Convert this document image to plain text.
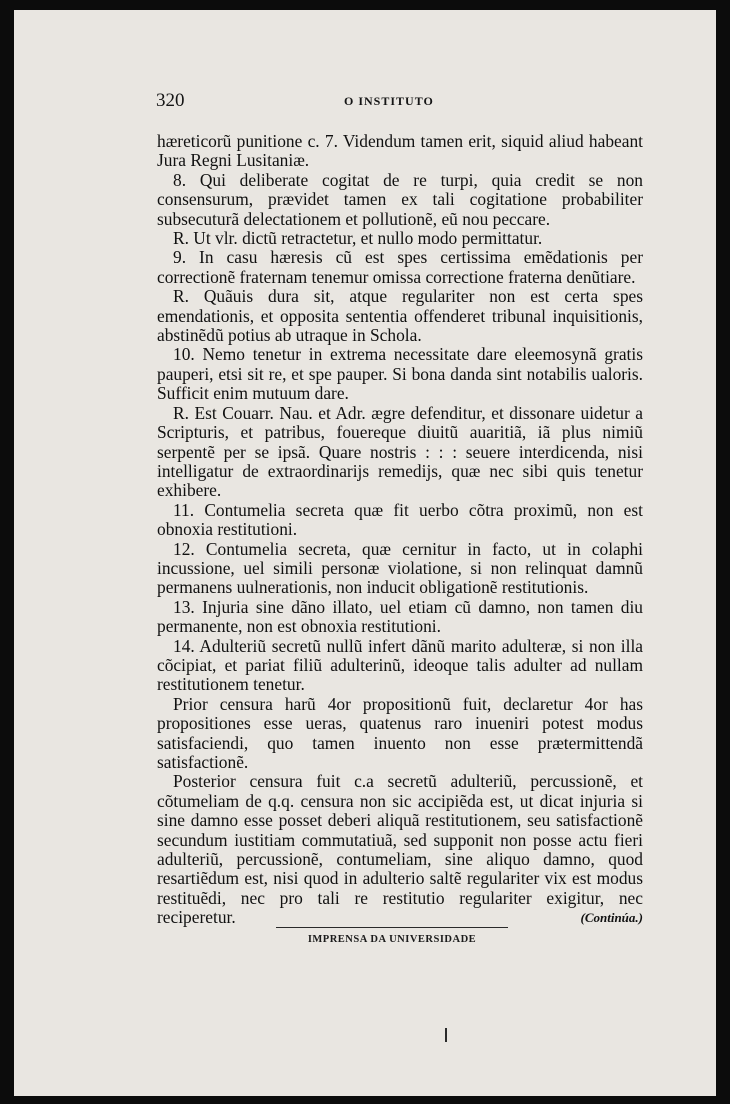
320	O INSTITUTO

hæreticorũ punitione c. 7. Videndum tamen erit, siquid aliud habeant Jura Regni Lusitaniæ.

8. Qui deliberate cogitat de re turpi, quia credit se non consensurum, prævidet tamen ex tali cogitatione probabiliter subsecuturã delectationem et pollutionẽ, eũ nou peccare.

R. Ut vlr. dictũ retractetur, et nullo modo permittatur.

9. In casu hæresis cũ est spes certissima emẽdationis per correctionẽ fraternam tenemur omissa correctione fraterna denũtiare.

R. Quãuis dura sit, atque regulariter non est certa spes emendationis, et opposita sententia offenderet tribunal inquisitionis, abstinẽdũ potius ab utraque in Schola.

10. Nemo tenetur in extrema necessitate dare eleemosynã gratis pauperi, etsi sit re, et spe pauper. Si bona danda sint notabilis ualoris. Sufficit enim mutuum dare.

R. Est Couarr. Nau. et Adr. ægre defenditur, et dissonare uidetur a Scripturis, et patribus, fouereque diuitũ auaritiã, iã plus nimiũ serpentẽ per se ipsã. Quare nostris : : : seuere interdicenda, nisi intelligatur de extraordinarijs remedijs, quæ nec sibi quis tenetur exhibere.

11. Contumelia secreta quæ fit uerbo cõtra proximũ, non est obnoxia restitutioni.

12. Contumelia secreta, quæ cernitur in facto, ut in colaphi incussione, uel simili personæ violatione, si non relinquat damnũ permanens uulnerationis, non inducit obligationẽ restitutionis.

13. Injuria sine dãno illato, uel etiam cũ damno, non tamen diu permanente, non est obnoxia restitutioni.

14. Adulteriũ secretũ nullũ infert dãnũ marito adulteræ, si non illa cõcipiat, et pariat filiũ adulterinũ, ideoque talis adulter ad nullam restitutionem tenetur.

Prior censura harũ 4or propositionũ fuit, declaretur 4or has propositiones esse ueras, quatenus raro inueniri potest modus satisfaciendi, quo tamen inuento non esse prætermittendã satisfactionẽ.

Posterior censura fuit c.a secretũ adulteriũ, percussionẽ, et cõtumeliam de q.q. censura non sic accipiẽda est, ut dicat injuria si sine damno esse posset deberi aliquã restitutionem, seu satisfactionẽ secundum iustitiam commutatiuã, sed supponit non posse actu fieri adulteriũ, percussionẽ, contumeliam, sine aliquo damno, quod resartiẽdum est, nisi quod in adulterio saltẽ regulariter vix est modus restituẽdi, nec pro tali re restitutio regulariter exigitur, nec reciperetur.	(Continúa.)

IMPRENSA DA UNIVERSIDADE
